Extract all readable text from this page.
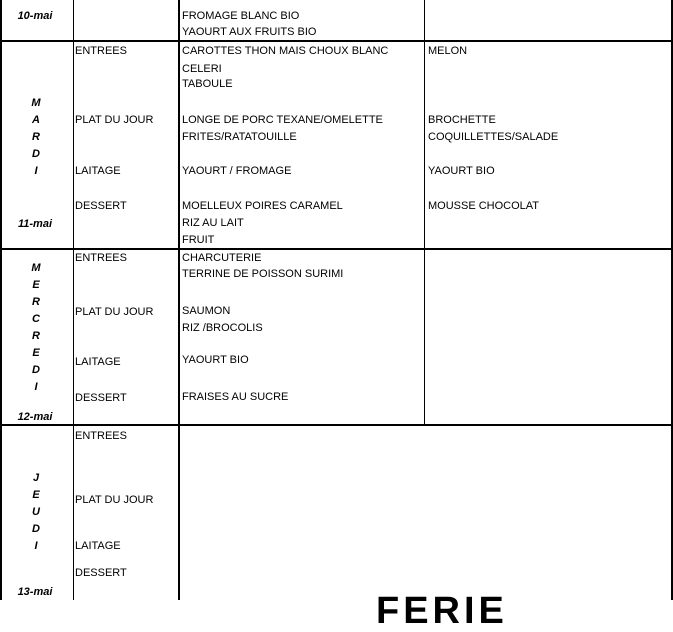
10-mai	FROMAGE BLANC BIO
YAOURT AUX FRUITS BIO
M
A
R
D
I
11-mai
ENTREES
PLAT DU JOUR
LAITAGE
DESSERT
CAROTTES THON MAIS CHOUX BLANC
CELERI
TABOULE
LONGE DE PORC TEXANE/OMELETTE
FRITES/RATATOUILLE
YAOURT / FROMAGE
MOELLEUX POIRES CARAMEL
RIZ AU LAIT
FRUIT
MELON
BROCHETTE
COQUILLETTES/SALADE
YAOURT BIO
MOUSSE CHOCOLAT
M
E
R
C
R
E
D
I
12-mai
ENTREES
PLAT DU JOUR
LAITAGE
DESSERT
CHARCUTERIE
TERRINE DE POISSON SURIMI
SAUMON
RIZ /BROCOLIS
YAOURT BIO
FRAISES AU SUCRE
J
E
U
D
I
13-mai
ENTREES
PLAT DU JOUR
LAITAGE
DESSERT
FERIE
